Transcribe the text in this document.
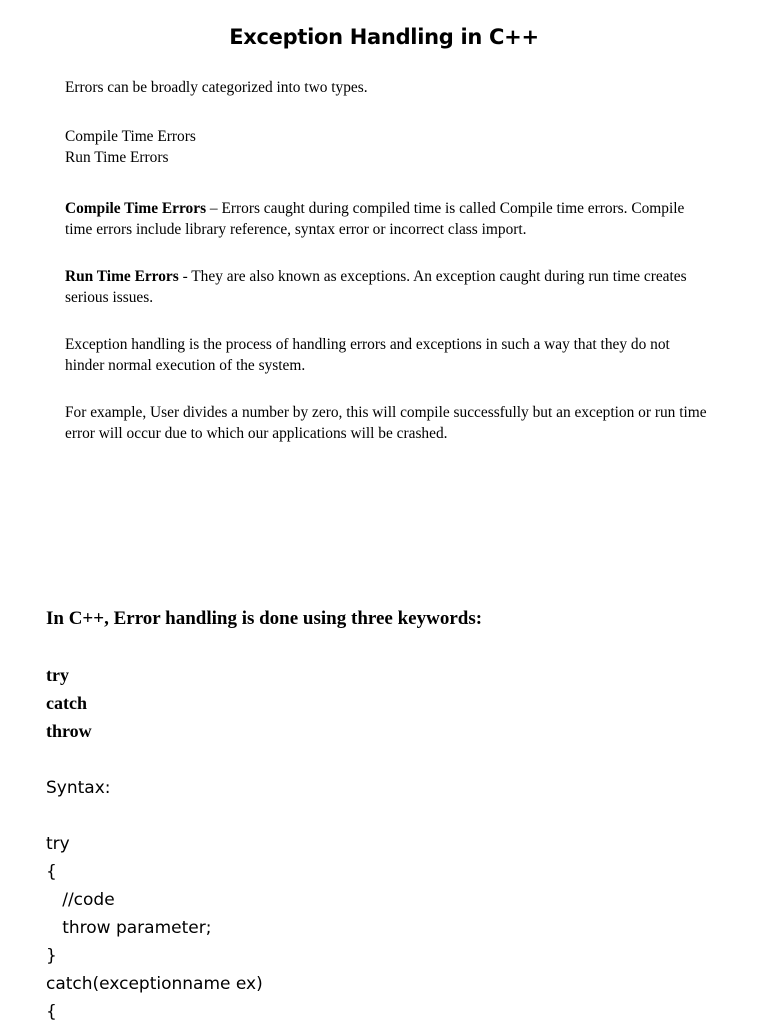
Exception Handling in C++

Errors can be broadly categorized into two types.

Compile Time Errors

Run Time Errors

Compile Time Errors – Errors caught during compiled time is called Compile time errors. Compile time errors include library reference, syntax error or incorrect class import.

Run Time Errors - They are also known as exceptions. An exception caught during run time creates serious issues.

Exception handling is the process of handling errors and exceptions in such a way that they do not hinder normal execution of the system.

For example, User divides a number by zero, this will compile successfully but an exception or run time error will occur due to which our applications will be crashed.

In C++, Error handling is done using three keywords:
try
catch
throw
Syntax:
try
{
//code
throw parameter;
}
catch(exceptionname ex)
{
